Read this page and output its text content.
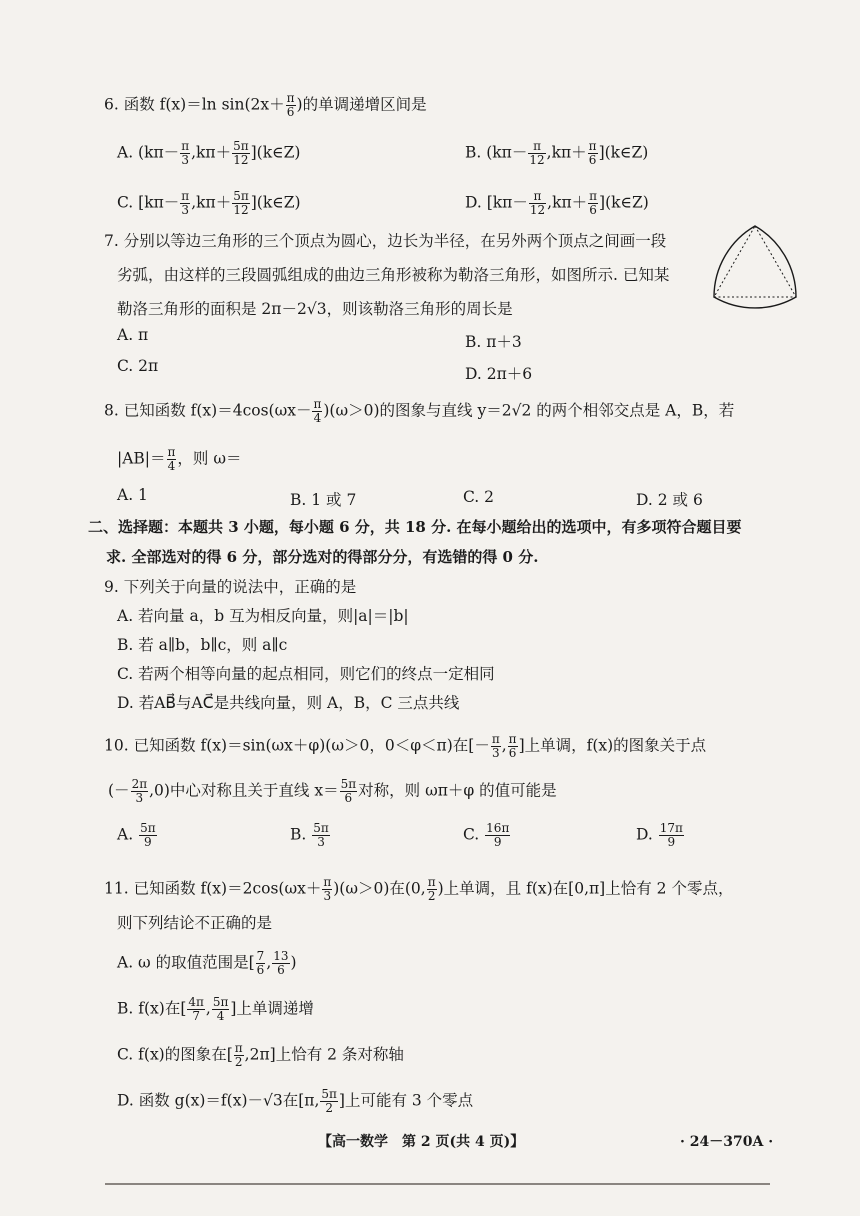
6. 函数 f(x)＝ln $\sin(2x+ \frac{\pi}{6}$ )的单调递增区间是
A. ($k\pi- \frac{\pi}{3} ,k\pi+ \frac{5\pi}{12}$ ](k∈Z)	B. ($k\pi- \frac{\pi}{12} ,k\pi+ \frac{\pi}{6}$ ](k∈Z)
C. [$k\pi- \frac{\pi}{3} ,k\pi+ \frac{5\pi}{12}$ ](k∈Z)	D. [$k\pi- \frac{\pi}{12} ,k\pi+ \frac{\pi}{6}$ ](k∈Z)
7. 分别以等边三角形的三个顶点为圆心，边长为半径，在另外两个顶点之间画一段
劣弧，由这样的三段圆弧组成的曲边三角形被称为勒洛三角形，如图所示. 已知某
勒洛三角形的面积是 2π－2√3，则该勒洛三角形的周长是
A. π	B. π＋3
C. 2π	D. 2π＋6
8. 已知函数 $f(x)=4\cos(\omega x- \frac{\pi}{4} )(\omega>0)$的图象与直线 y＝2√2 的两个相邻交点是 A，B，若
$|AB|= \frac{\pi}{4}$ ，则 ω＝
A. 1	B. 1 或 7	C. 2	D. 2 或 6
二、选择题：本题共 3 小题，每小题 6 分，共 18 分. 在每小题给出的选项中，有多项符合题目要
求. 全部选对的得 6 分，部分选对的得部分分，有选错的得 0 分.
9. 下列关于向量的说法中，正确的是
A. 若向量 a，b 互为相反向量，则|a|＝|b|
B. 若 a∥b，b∥c，则 a∥c
C. 若两个相等向量的起点相同，则它们的终点一定相同
D. 若AB⃗与AC⃗是共线向量，则 A，B，C 三点共线
10. 已知函数 f(x)＝sin(ωx＋φ)(ω＞0，0＜φ＜π)在[－ $\frac{\pi}{3}$ , $\frac{\pi}{6}$ ]上单调，f(x)的图象关于点
(－ $\frac{2\pi}{3} ,0$)中心对称且关于直线 $x= \frac{5\pi}{6}$ 对称，则 ωπ＋φ 的值可能是
A. $\frac{5\pi}{9}$	B. $\frac{5\pi}{3}$	C. $\frac{16\pi}{9}$	D. $\frac{17\pi}{9}$
11. 已知函数 $f(x)=2\cos(\omega x+ \frac{\pi}{3} )(\omega>0)$在(0, $\frac{\pi}{2}$ )上单调，且 f(x)在[0,π]上恰有 2 个零点，
则下列结论不正确的是
A. ω 的取值范围是[ $\frac{7}{6}$ , $\frac{13}{6}$ )
B. f(x)在[ $\frac{4\pi}{7}$ , $\frac{5\pi}{4}$ ]上单调递增
C. f(x)的图象在[ $\frac{\pi}{2} ,2\pi$]上恰有 2 条对称轴
D. 函数 g(x)＝f(x)－√3在[π, $\frac{5\pi}{2}$ ]上可能有 3 个零点
【高一数学　第 2 页(共 4 页)】	· 24－370A ·
